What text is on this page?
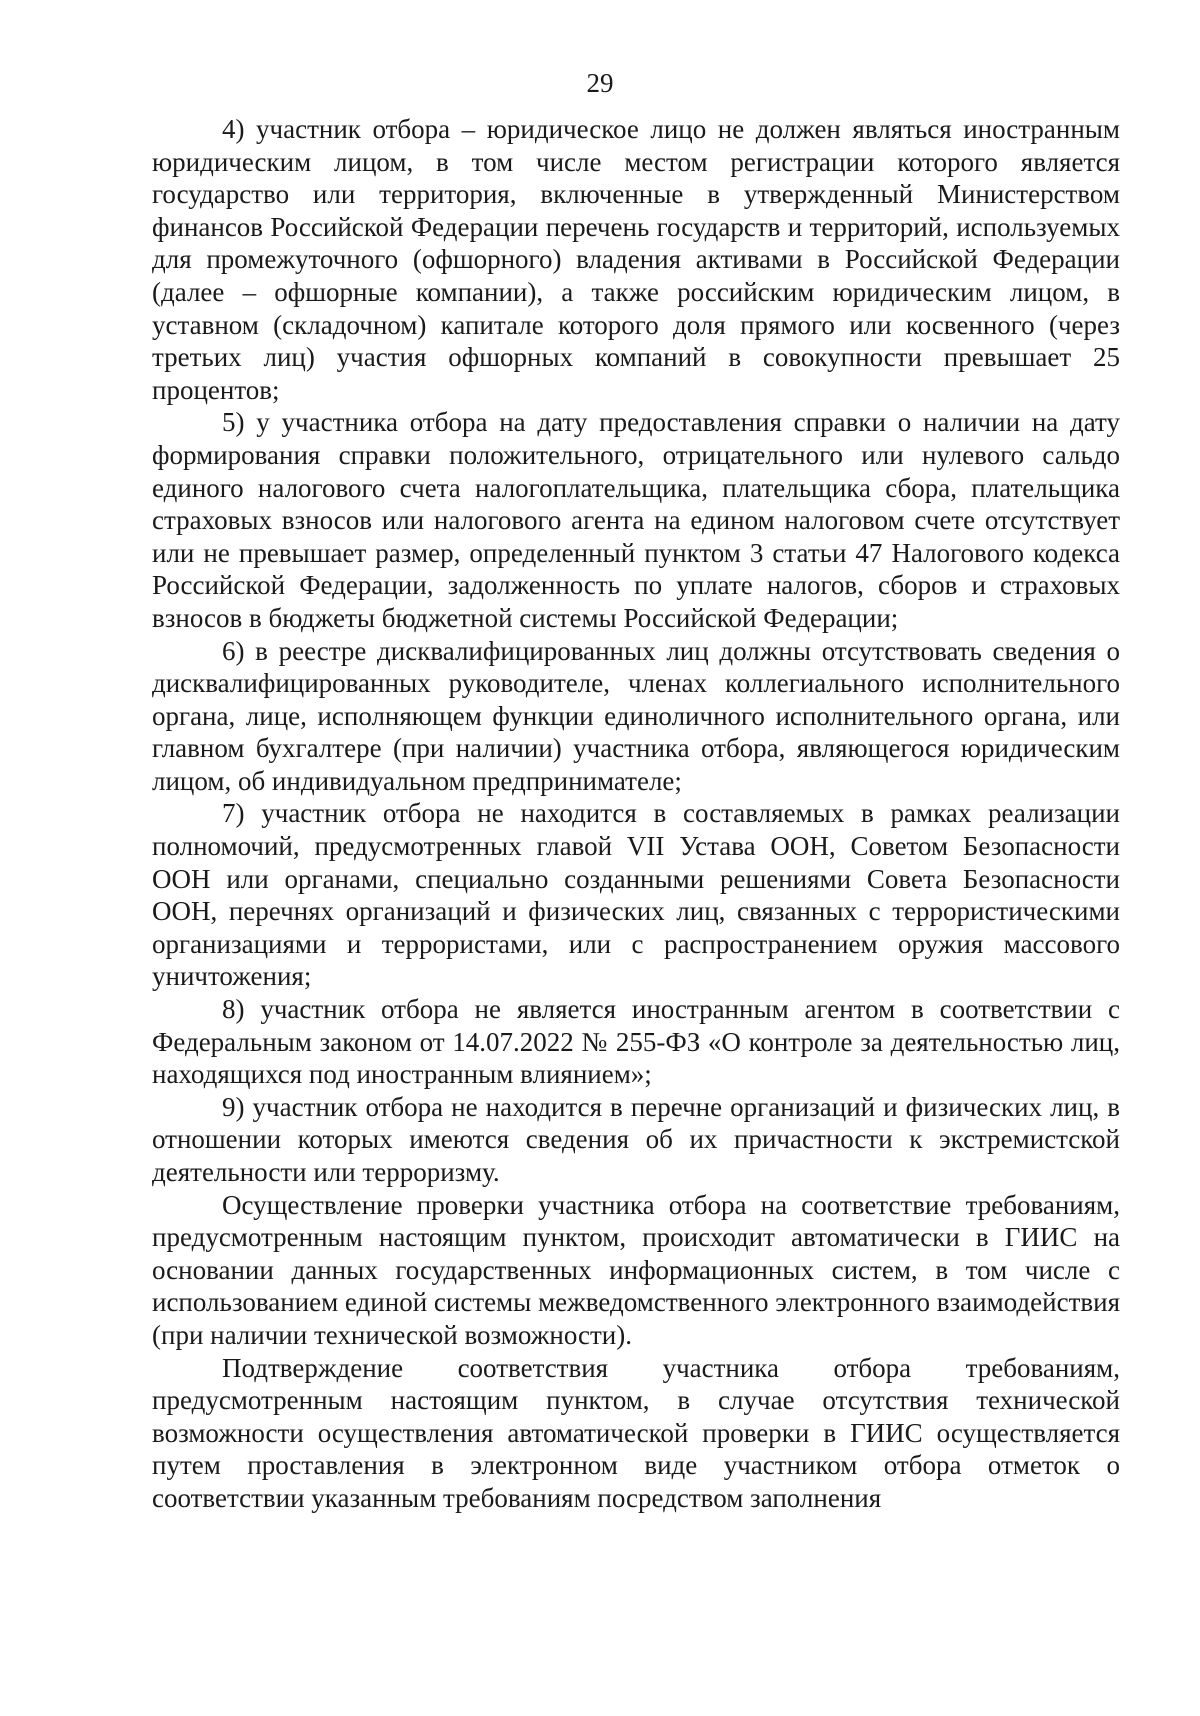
29

4) участник отбора – юридическое лицо не должен являться иностранным юридическим лицом, в том числе местом регистрации которого является государство или территория, включенные в утвержденный Министерством финансов Российской Федерации перечень государств и территорий, используемых для промежуточного (офшорного) владения активами в Российской Федерации (далее – офшорные компании), а также российским юридическим лицом, в уставном (складочном) капитале которого доля прямого или косвенного (через третьих лиц) участия офшорных компаний в совокупности превышает 25 процентов;

5) у участника отбора на дату предоставления справки о наличии на дату формирования справки положительного, отрицательного или нулевого сальдо единого налогового счета налогоплательщика, плательщика сбора, плательщика страховых взносов или налогового агента на едином налоговом счете отсутствует или не превышает размер, определенный пунктом 3 статьи 47 Налогового кодекса Российской Федерации, задолженность по уплате налогов, сборов и страховых взносов в бюджеты бюджетной системы Российской Федерации;

6) в реестре дисквалифицированных лиц должны отсутствовать сведения о дисквалифицированных руководителе, членах коллегиального исполнительного органа, лице, исполняющем функции единоличного исполнительного органа, или главном бухгалтере (при наличии) участника отбора, являющегося юридическим лицом, об индивидуальном предпринимателе;

7) участник отбора не находится в составляемых в рамках реализации полномочий, предусмотренных главой VII Устава ООН, Советом Безопасности ООН или органами, специально созданными решениями Совета Безопасности ООН, перечнях организаций и физических лиц, связанных с террористическими организациями и террористами, или с распространением оружия массового уничтожения;

8) участник отбора не является иностранным агентом в соответствии с Федеральным законом от 14.07.2022 № 255-ФЗ «О контроле за деятельностью лиц, находящихся под иностранным влиянием»;

9) участник отбора не находится в перечне организаций и физических лиц, в отношении которых имеются сведения об их причастности к экстремистской деятельности или терроризму.

Осуществление проверки участника отбора на соответствие требованиям, предусмотренным настоящим пунктом, происходит автоматически в ГИИС на основании данных государственных информационных систем, в том числе с использованием единой системы межведомственного электронного взаимодействия (при наличии технической возможности).

Подтверждение соответствия участника отбора требованиям, предусмотренным настоящим пунктом, в случае отсутствия технической возможности осуществления автоматической проверки в ГИИС осуществляется путем проставления в электронном виде участником отбора отметок о соответствии указанным требованиям посредством заполнения
